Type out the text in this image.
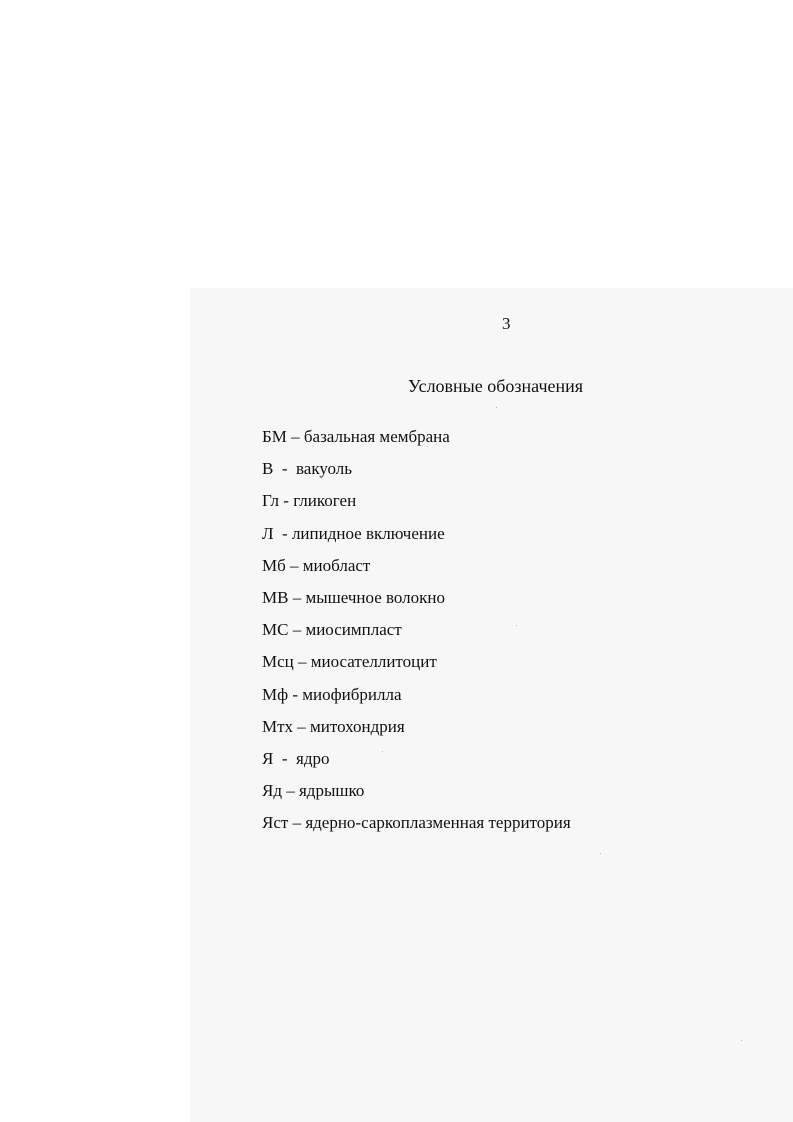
3
Условные обозначения
БМ – базальная мембрана
В  -  вакуоль
Гл - гликоген
Л  - липидное включение
Мб – миобласт
МВ – мышечное волокно
МС – миосимпласт
Мсц – миосателлитоцит
Мф - миофибрилла
Мтх – митохондрия
Я  -  ядро
Яд – ядрышко
Яст – ядерно-саркоплазменная территория
